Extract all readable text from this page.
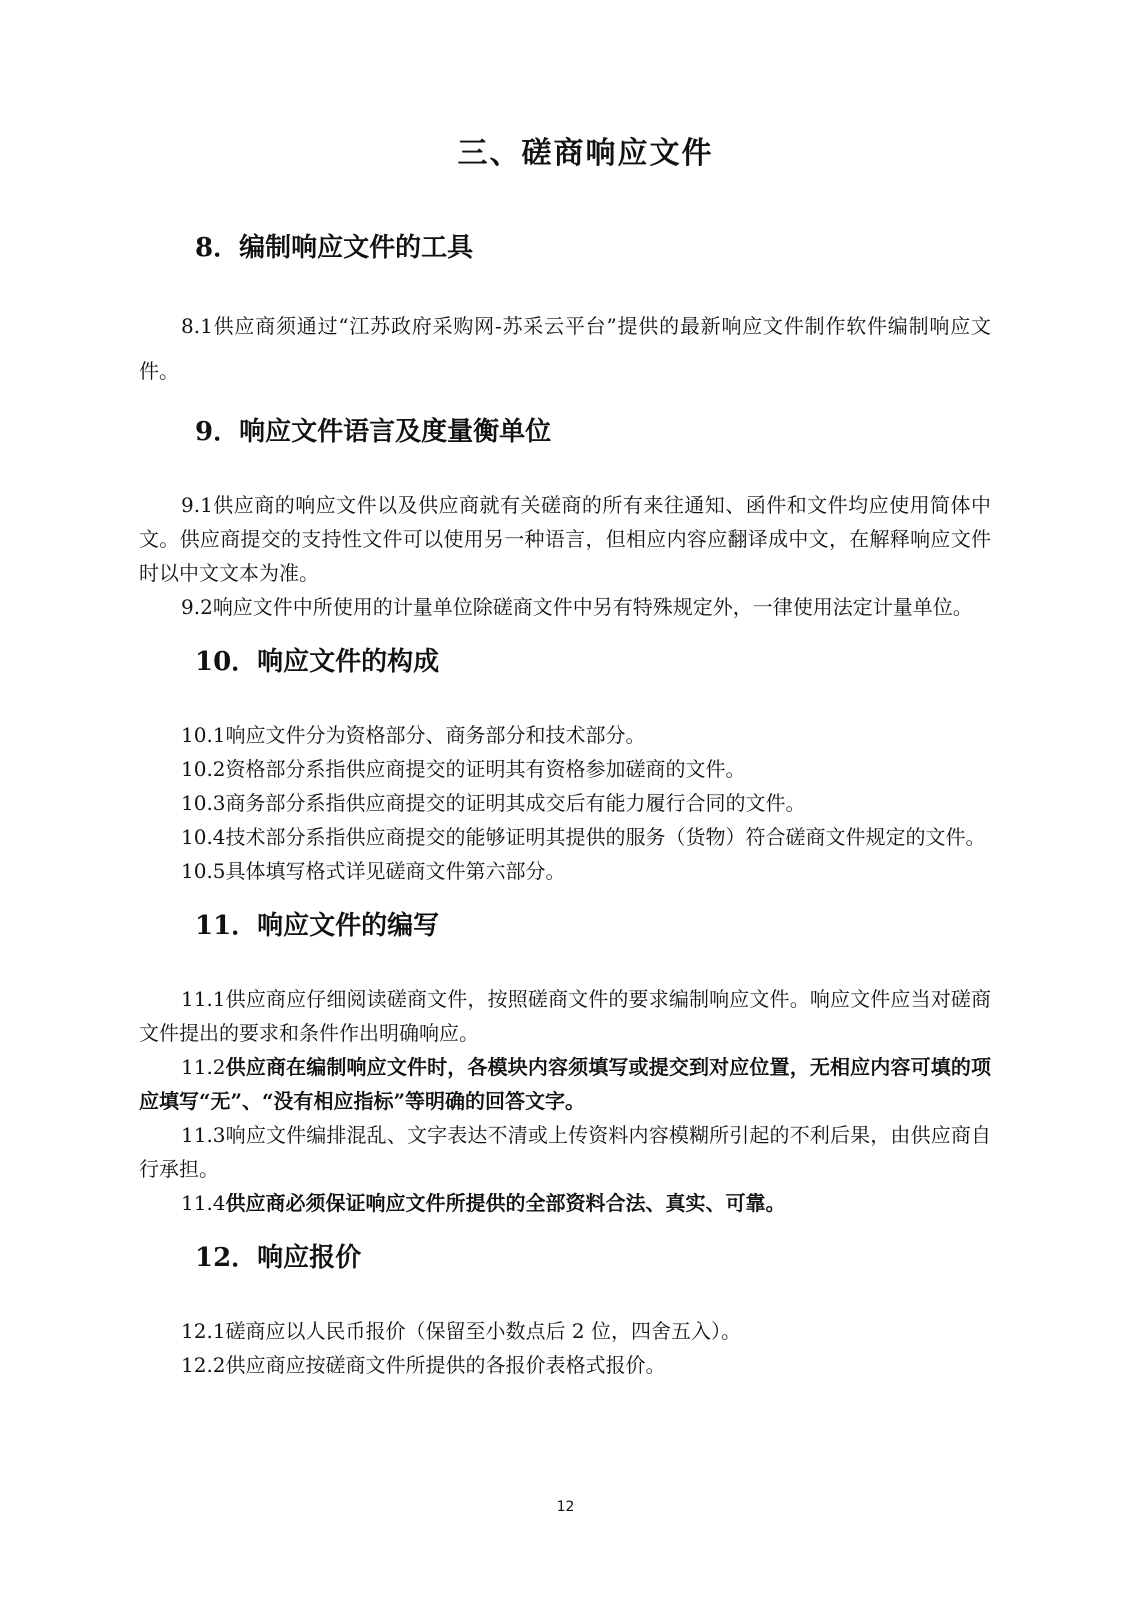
三、磋商响应文件
8．编制响应文件的工具

8.1供应商须通过“江苏政府采购网-苏采云平台”提供的最新响应文件制作软件编制响应文件。

9．响应文件语言及度量衡单位

9.1供应商的响应文件以及供应商就有关磋商的所有来往通知、函件和文件均应使用简体中文。供应商提交的支持性文件可以使用另一种语言，但相应内容应翻译成中文，在解释响应文件时以中文文本为准。

9.2响应文件中所使用的计量单位除磋商文件中另有特殊规定外，一律使用法定计量单位。

10．响应文件的构成

10.1响应文件分为资格部分、商务部分和技术部分。

10.2资格部分系指供应商提交的证明其有资格参加磋商的文件。

10.3商务部分系指供应商提交的证明其成交后有能力履行合同的文件。

10.4技术部分系指供应商提交的能够证明其提供的服务（货物）符合磋商文件规定的文件。

10.5具体填写格式详见磋商文件第六部分。

11．响应文件的编写

11.1供应商应仔细阅读磋商文件，按照磋商文件的要求编制响应文件。响应文件应当对磋商文件提出的要求和条件作出明确响应。

11.2供应商在编制响应文件时，各模块内容须填写或提交到对应位置，无相应内容可填的项应填写“无”、“没有相应指标”等明确的回答文字。

11.3响应文件编排混乱、文字表达不清或上传资料内容模糊所引起的不利后果，由供应商自行承担。

11.4供应商必须保证响应文件所提供的全部资料合法、真实、可靠。

12．响应报价

12.1磋商应以人民币报价（保留至小数点后 2 位，四舍五入）。

12.2供应商应按磋商文件所提供的各报价表格式报价。

12
